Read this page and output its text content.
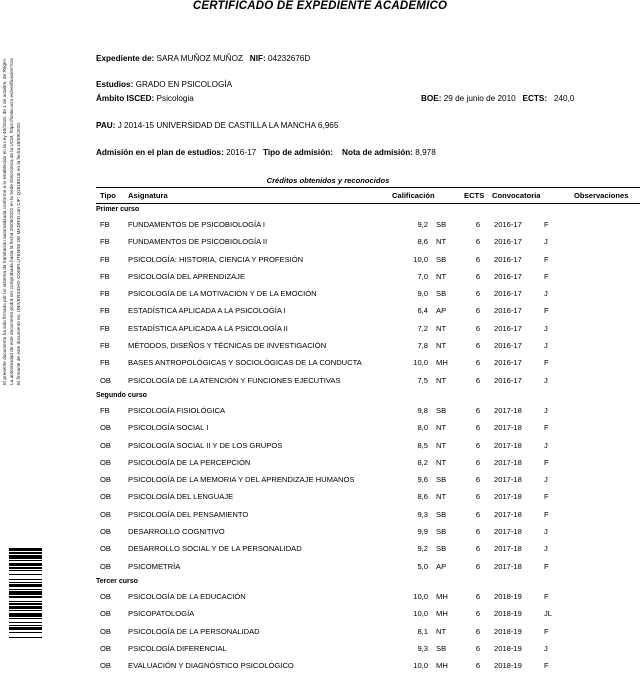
El presente documento ha sido firmado por un sistema de tramitación automatizada conforme a lo establecido en la Ley 40/2015, de 1 de octubre, de Régim La autenticidad de este documento podrá ser comprobada hasta la fecha 28/09/2022 en la Sede Electrónica de la UCM, https://sede.ucm.es/verificacion?csv El firmante de este documento es: UNIVERSIDAD COMPLUTENSE DE MADRID con CIF: Q2818014I en la fecha 28/09/2020.
CERTIFICADO DE EXPEDIENTE ACADÉMICO
Expediente de: SARA MUÑOZ MUÑOZ NIF: 04232676D
Estudios: GRADO EN PSICOLOGÍA
Ámbito ISCED: Psicologia	BOE: 29 de junio de 2010 ECTS: 240,0
PAU: J 2014-15 UNIVERSIDAD DE CASTILLA LA MANCHA 6,965
Admisión en el plan de estudios: 2016-17 Tipo de admisión: Nota de admisión: 8,978
Créditos obtenidos y reconocidos
Tipo Asignatura	Calificación	ECTS Convocatoria	Observaciones
Primer curso
FB FUNDAMENTOS DE PSICOBIOLOGÍA I	9,2 SB	6	2016-17	F
FB FUNDAMENTOS DE PSICOBIOLOGÍA II	8,6 NT	6	2016-17	J
FB PSICOLOGÍA: HISTORIA, CIENCIA Y PROFESIÓN	10,0 SB	6	2016-17	F
FB PSICOLOGÍA DEL APRENDIZAJE	7,0 NT	6	2016-17	F
FB PSICOLOGÍA DE LA MOTIVACIÓN Y DE LA EMOCIÓN	9,0 SB	6	2016-17	J
FB ESTADÍSTICA APLICADA A LA PSICOLOGÍA I	6,4 AP	6	2016-17	F
FB ESTADÍSTICA APLICADA A LA PSICOLOGÍA II	7,2 NT	6	2016-17	J
FB MÉTODOS, DISEÑOS Y TÉCNICAS DE INVESTIGACIÓN	7,8 NT	6	2016-17	J
FB BASES ANTROPOLÓGICAS Y SOCIOLÓGICAS DE LA CONDUCTA	10,0 MH	6	2016-17	F
OB PSICOLOGÍA DE LA ATENCIÓN Y FUNCIONES EJECUTIVAS	7,5 NT	6	2016-17	J
Segundo curso
FB PSICOLOGÍA FISIOLÓGICA	9,8 SB	6	2017-18	J
OB PSICOLOGÍA SOCIAL I	8,0 NT	6	2017-18	F
OB PSICOLOGÍA SOCIAL II Y DE LOS GRUPOS	8,5 NT	6	2017-18	J
OB PSICOLOGÍA DE LA PERCEPCIÓN	8,2 NT	6	2017-18	F
OB PSICOLOGÍA DE LA MEMORIA Y DEL APRENDIZAJE HUMANOS	9,6 SB	6	2017-18	J
OB PSICOLOGÍA DEL LENGUAJE	8,6 NT	6	2017-18	F
OB PSICOLOGÍA DEL PENSAMIENTO	9,3 SB	6	2017-18	F
OB DESARROLLO COGNITIVO	9,9 SB	6	2017-18	J
OB DESARROLLO SOCIAL Y DE LA PERSONALIDAD	9,2 SB	6	2017-18	J
OB PSICOMETRÍA	5,0 AP	6	2017-18	F
Tercer curso
OB PSICOLOGÍA DE LA EDUCACIÓN	10,0 MH	6	2018-19	F
OB PSICOPATOLOGÍA	10,0 MH	6	2018-19	JL
OB PSICOLOGÍA DE LA PERSONALIDAD	8,1 NT	6	2018-19	F
OB PSICOLOGÍA DIFERENCIAL	9,3 SB	6	2018-19	J
OB EVALUACIÓN Y DIAGNÓSTICO PSICOLÓGICO	10,0 MH	6	2018-19	F
